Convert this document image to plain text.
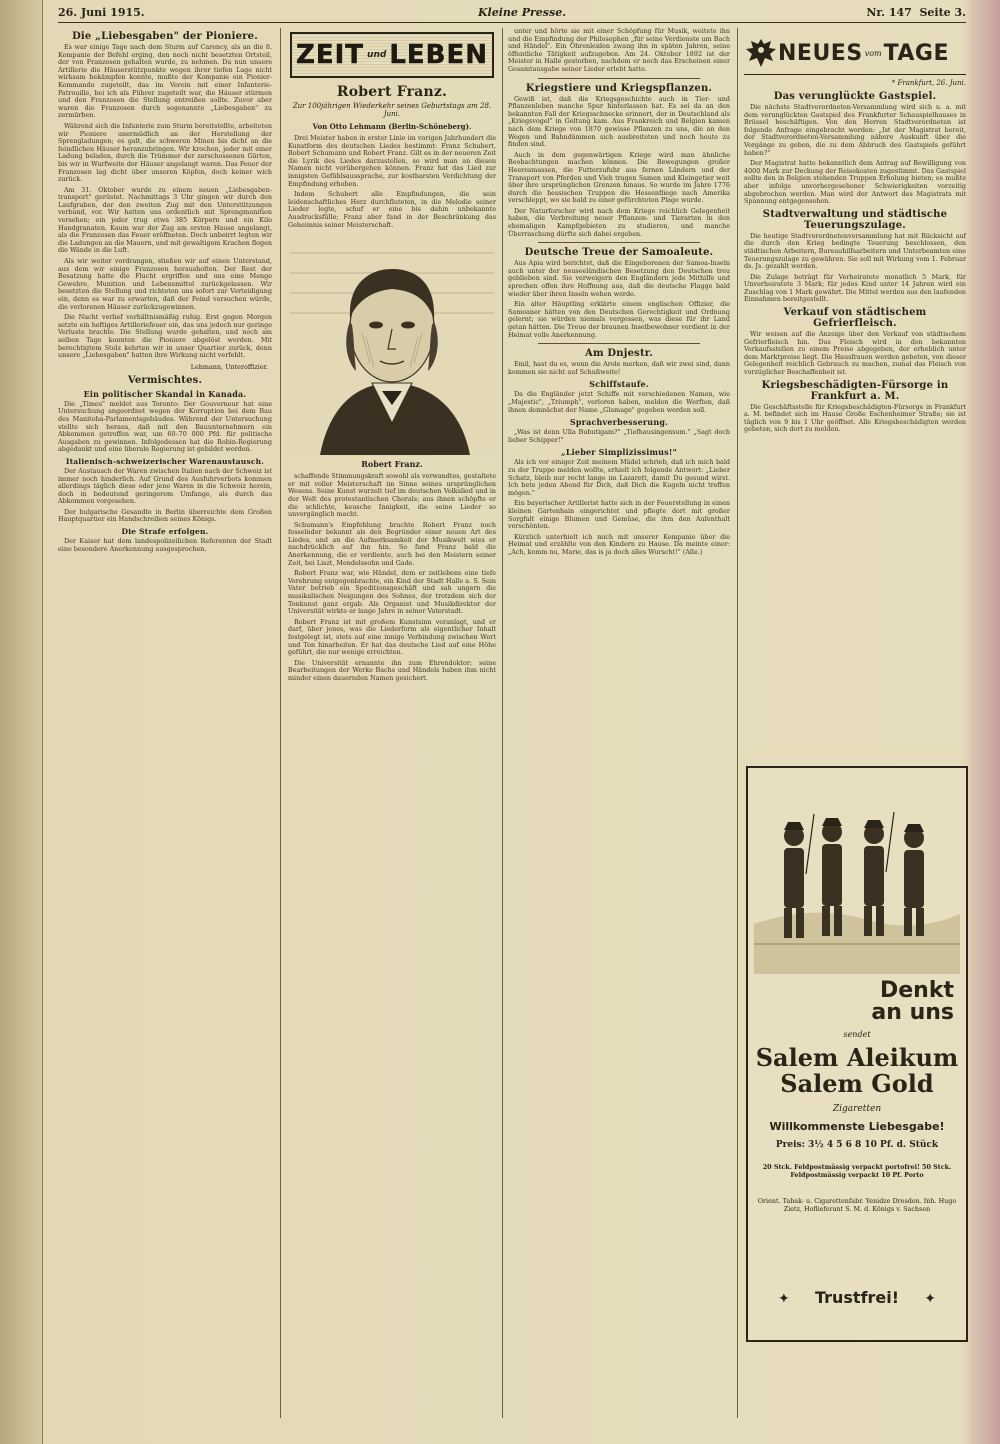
26. Juni 1915.	Kleine Presse.	Nr. 147 Seite 3.
Die „Liebesgaben" der Pioniere.

Es war einige Tage nach dem Sturm auf Carency, als an die 8. Kompanie der Befehl erging, den noch nicht besetzten Ortsteil, der von Franzosen gehalten wurde, zu nehmen. Da nun unsere Artillerie die Häuserstützpunkte wegen ihrer tiefen Lage nicht wirksam bekämpfen konnte, mußte der Kompanie ein Pionier-Kommando zugeteilt, das im Verein mit einer Infanterie-Patrouille, bei ich als Führer zugeteilt war, die Häuser stürmen und den Franzosen die Stellung entreißen sollte. Zuvor aber waren die Franzosen durch sogenannte „Liebesgaben" zu zermürben.

Während sich die Infanterie zum Sturm bereitstellte, arbeiteten wir Pioniere unermüdlich an der Herstellung der Sprengladungen; es galt, die schweren Minen bis dicht an die feindlichen Häuser heranzubringen. Wir krochen, jeder mit einer Ladung beladen, durch die Trümmer der zerschossenen Gärten, bis wir in Wurfweite der Häuser angelangt waren. Das Feuer der Franzosen lag dicht über unseren Köpfen, doch keiner wich zurück.

Am 31. Oktober wurde zu einem neuen „Liebesgaben-transport" gerüstet. Nachmittags 3 Uhr gingen wir durch den Laufgraben, der den zweiten Zug mit den Unterstützungen verband, vor. Wir hatten uns ordentlich mit Sprengmunition versehen; ein jeder trug etwa 385 Körpern und ein Kilo Handgranaten. Kaum war der Zug am ersten Hause angelangt, als die Franzosen das Feuer eröffneten. Doch unbeirrt legten wir die Ladungen an die Mauern, und mit gewaltigem Krachen flogen die Wände in die Luft.

Als wir weiter vordrangen, stießen wir auf einen Unterstand, aus dem wir einige Franzosen herausholten. Der Rest der Besatzung hatte die Flucht ergriffen und uns eine Menge Gewehre, Munition und Lebensmittel zurückgelassen. Wir besetzten die Stellung und richteten uns sofort zur Verteidigung ein, denn es war zu erwarten, daß der Feind versuchen würde, die verlorenen Häuser zurückzugewinnen.

Die Nacht verlief verhältnismäßig ruhig. Erst gegen Morgen setzte ein heftiges Artilleriefeuer ein, das uns jedoch nur geringe Verluste brachte. Die Stellung wurde gehalten, und noch am selben Tage konnten die Pioniere abgelöst werden. Mit berechtigtem Stolz kehrten wir in unser Quartier zurück, denn unsere „Liebesgaben" hatten ihre Wirkung nicht verfehlt.

Lehmann, Unteroffizier.
Vermischtes.
Ein politischer Skandal in Kanada.

Die „Times" meldet aus Toronto: Der Gouverneur hat eine Untersuchung angeordnet wegen der Korruption bei dem Bau des Manitoba-Parlamentsgebäudes. Während der Untersuchung stellte sich heraus, daß mit den Bauunternehmern ein Abkommen getroffen war, um 60–70 000 Pfd. für politische Ausgaben zu gewinnen. Infolgedessen hat die Robin-Regierung abgedankt und eine liberale Regierung ist gebildet worden.

Italienisch-schweizerischer Warenaustausch.

Der Austausch der Waren zwischen Italien nach der Schweiz ist immer noch hinderlich. Auf Grund des Ausfuhrverbots kommen allerdings täglich diese oder jene Waren in die Schweiz herein, doch in bedeutend geringerem Umfange, als durch das Abkommen vorgesehen.

Der bulgarische Gesandte in Berlin überreichte dem Großen Hauptquartier ein Handschreiben seines Königs.

Die Strafe erfolgen.

Der Kaiser hat dem landespolizeilichen Referenten der Stadt eine besondere Anerkennung ausgesprochen.

ZEIT und LEBEN
Robert Franz.
Zur 100jährigen Wiederkehr seines Geburtstags am 28. Juni.
Von Otto Lehmann (Berlin-Schöneberg).

Drei Meister haben in erster Linie im vorigen Jahrhundert die Kunstform des deutschen Liedes bestimmt: Franz Schubert, Robert Schumann und Robert Franz. Gilt es in der neueren Zeit die Lyrik des Liedes darzustellen, so wird man an diesen Namen nicht vorübergehen können. Franz hat das Lied zur innigsten Gefühlsaussprache, zur kostbarsten Verdichtung der Empfindung erhoben.

Indem Schubert alle Empfindungen, die sein leidenschaftliches Herz durchfluteten, in die Melodie seiner Lieder legte, schuf er eine bis dahin unbekannte Ausdrucksfülle; Franz aber fand in der Beschränkung das Geheimnis seiner Meisterschaft.

Robert Franz.

schaffende Stimmungskraft sowohl als verwandtes, gestaltete er mit voller Meisterschaft im Sinne seines ursprünglichen Wesens. Seine Kunst wurzelt tief im deutschen Volkslied und in der Welt des protestantischen Chorals; aus ihnen schöpfte er die schlichte, keusche Innigkeit, die seine Lieder so unvergänglich macht.

Schumann's Empfehlung brachte Robert Franz noch fesselnder bekannt als den Begründer einer neuen Art des Liedes, und an die Aufmerksamkeit der Musikwelt wies er nachdrücklich auf ihn hin. So fand Franz bald die Anerkennung, die er verdiente, auch bei den Meistern seiner Zeit, bei Liszt, Mendelssohn und Gade.

Robert Franz war, wie Händel, dem er zeitlebens eine tiefe Verehrung entgegenbrachte, ein Kind der Stadt Halle a. S. Sein Vater betrieb ein Speditionsgeschäft und sah ungern die musikalischen Neigungen des Sohnes, der trotzdem sich der Tonkunst ganz ergab. Als Organist und Musikdirektor der Universität wirkte er lange Jahre in seiner Vaterstadt.

Robert Franz ist mit großem Kunstsinn veranlagt, und er darf, über jenes, was die Liederform als eigentlicher Inhalt festgelegt ist, stets auf eine innige Verbindung zwischen Wort und Ton hinarbeiten. Er hat das deutsche Lied auf eine Höhe geführt, die nur wenige erreichten.

Die Universität ernannte ihn zum Ehrendoktor; seine Bearbeitungen der Werke Bachs und Händels haben ihm nicht minder einen dauernden Namen gesichert.

unter und hörte sie mit einer Schöpfung für Musik, weitete ihn und die Empfindung der Philosophen „für seine Verdienste um Bach und Händel". Ein Ohrenleiden zwang ihn in späten Jahren, seine öffentliche Tätigkeit aufzugeben. Am 24. Oktober 1892 ist der Meister in Halle gestorben, nachdem er noch das Erscheinen einer Gesamtausgabe seiner Lieder erlebt hatte.

Kriegstiere und Kriegspflanzen.

Gewiß ist, daß die Kriegsgeschichte auch in Tier- und Pflanzenleben manche Spur hinterlassen hat. Es sei da an den bekannten Fall der Kriegsschnecke erinnert, der in Deutschland als „Kriegsvogel" in Geltung kam. Aus Frankreich und Belgien kamen nach dem Kriege von 1870 gewisse Pflanzen zu uns, die an den Wegen und Bahndämmen sich ausbreiteten und noch heute zu finden sind.

Auch in dem gegenwärtigen Kriege wird man ähnliche Beobachtungen machen können. Die Bewegungen großer Heeresmassen, die Futterzufuhr aus fernen Ländern und der Transport von Pferden und Vieh tragen Samen und Kleingetier weit über ihre ursprünglichen Grenzen hinaus. So wurde im Jahre 1776 durch die hessischen Truppen die Hessenfliege nach Amerika verschleppt, wo sie bald zu einer gefürchteten Plage wurde.

Der Naturforscher wird nach dem Kriege reichlich Gelegenheit haben, die Verbreitung neuer Pflanzen- und Tierarten in den ehemaligen Kampfgebieten zu studieren, und manche Überraschung dürfte sich dabei ergeben.

Deutsche Treue der Samoaleute.

Aus Apia wird berichtet, daß die Eingeborenen der Samoa-Inseln auch unter der neuseeländischen Besetzung den Deutschen treu geblieben sind. Sie verweigern den Engländern jede Mithilfe und sprechen offen ihre Hoffnung aus, daß die deutsche Flagge bald wieder über ihren Inseln wehen werde.

Ein alter Häuptling erklärte einem englischen Offizier, die Samoaner hätten von den Deutschen Gerechtigkeit und Ordnung gelernt; sie würden niemals vergessen, was diese für ihr Land getan hätten. Die Treue der braunen Inselbewohner verdient in der Heimat volle Anerkennung.

Am Dnjestr.

Emil, hast du es, wenn die Arole merken, daß wir zwei sind, dann kommen sie nicht auf Schußweite!

Schiffstaufe.

Da die Engländer jetzt Schiffe mit verschiedenen Namen, wie „Majestic", „Triumph", verloren haben, melden die Werften, daß ihnen demnächst der Name „Glamage" gegeben werden soll.

Sprachverbesserung.

„Was ist denn Ulla Bubutigam?" „Tiefhausingensum." „Sagt doch lieber Schipper!"

„Lieber Simplizissimus!"

Als ich vor einiger Zeit meinem Mädel schrieb, daß ich mich bald zu der Truppe melden wollte, erhielt ich folgende Antwort: „Lieber Schatz, bleib nur recht lange im Lazarett, damit Du gesund wirst. Ich bete jeden Abend für Dich, daß Dich die Kugeln nicht treffen mögen."

Ein bayerischer Artillerist hatte sich in der Feuerstellung in einen kleinen Gartenhain eingerichtet und pflegte dort mit großer Sorgfalt einige Blumen und Gemüse, die ihm den Aufenthalt verschönten.

Kürzlich unterhielt ich mich mit unserer Kompanie über die Heimat und erzählte von den Kindern zu Hause. Da meinte einer: „Ach, komm nu, Marie, das is ja doch alles Wurscht!" (Alle.)

NEUES vom TAGE
* Frankfurt, 26. Juni.
Das verunglückte Gastspiel.

Die nächste Stadtverordneten-Versammlung wird sich u. a. mit dem verunglückten Gastspiel des Frankfurter Schauspielhauses in Brüssel beschäftigen. Von den Herren Stadtverordneten ist folgende Anfrage eingebracht worden: „Ist der Magistrat bereit, der Stadtverordneten-Versammlung nähere Auskunft über die Vorgänge zu geben, die zu dem Abbruch des Gastspiels geführt haben?"

Der Magistrat hatte bekanntlich dem Antrag auf Bewilligung von 4000 Mark zur Deckung der Reisekosten zugestimmt. Das Gastspiel sollte den in Belgien stehenden Truppen Erholung bieten; es mußte aber infolge unvorhergesehener Schwierigkeiten vorzeitig abgebrochen werden. Man wird der Antwort des Magistrats mit Spannung entgegensehen.

Stadtverwaltung und städtische Teuerungszulage.

Die heutige Stadtverordnetenversammlung hat mit Rücksicht auf die durch den Krieg bedingte Teuerung beschlossen, den städtischen Arbeitern, Bureauhilfsarbeitern und Unterbeamten eine Teuerungszulage zu gewähren. Sie soll mit Wirkung vom 1. Februar ds. Js. gezahlt werden.

Die Zulage beträgt für Verheiratete monatlich 5 Mark, für Unverheiratete 3 Mark; für jedes Kind unter 14 Jahren wird ein Zuschlag von 1 Mark gewährt. Die Mittel werden aus den laufenden Einnahmen bereitgestellt.

Verkauf von städtischem Gefrierfleisch.

Wir weisen auf die Anzeige über den Verkauf von städtischem Gefrierfleisch hin. Das Fleisch wird in den bekannten Verkaufsstellen zu einem Preise abgegeben, der erheblich unter dem Marktpreise liegt. Die Hausfrauen werden gebeten, von dieser Gelegenheit reichlich Gebrauch zu machen, zumal das Fleisch von vorzüglicher Beschaffenheit ist.

Kriegsbeschädigten-Fürsorge in Frankfurt a. M.

Die Geschäftsstelle für Kriegsbeschädigten-Fürsorge in Frankfurt a. M. befindet sich im Hause Große Eschenheimer Straße; sie ist täglich von 9 bis 1 Uhr geöffnet. Alle Kriegsbeschädigten werden gebeten, sich dort zu melden.

Denkt
an uns
sendet
Salem Aleikum
Salem Gold
Zigaretten
Willkommenste Liebesgabe!
Preis: 3½ 4 5 6 8 10 Pf. d. Stück
20 Stck. Feldpostmässig verpackt portofrei! 50 Stck. Feldpostmässig verpackt 10 Pf. Porto
Orient. Tabak- u. Cigarettenfabr. Yenidze Dresden. Inh. Hugo Zietz, Hoflieferant S. M. d. Königs v. Sachsen
✦	Trustfrei!	✦
